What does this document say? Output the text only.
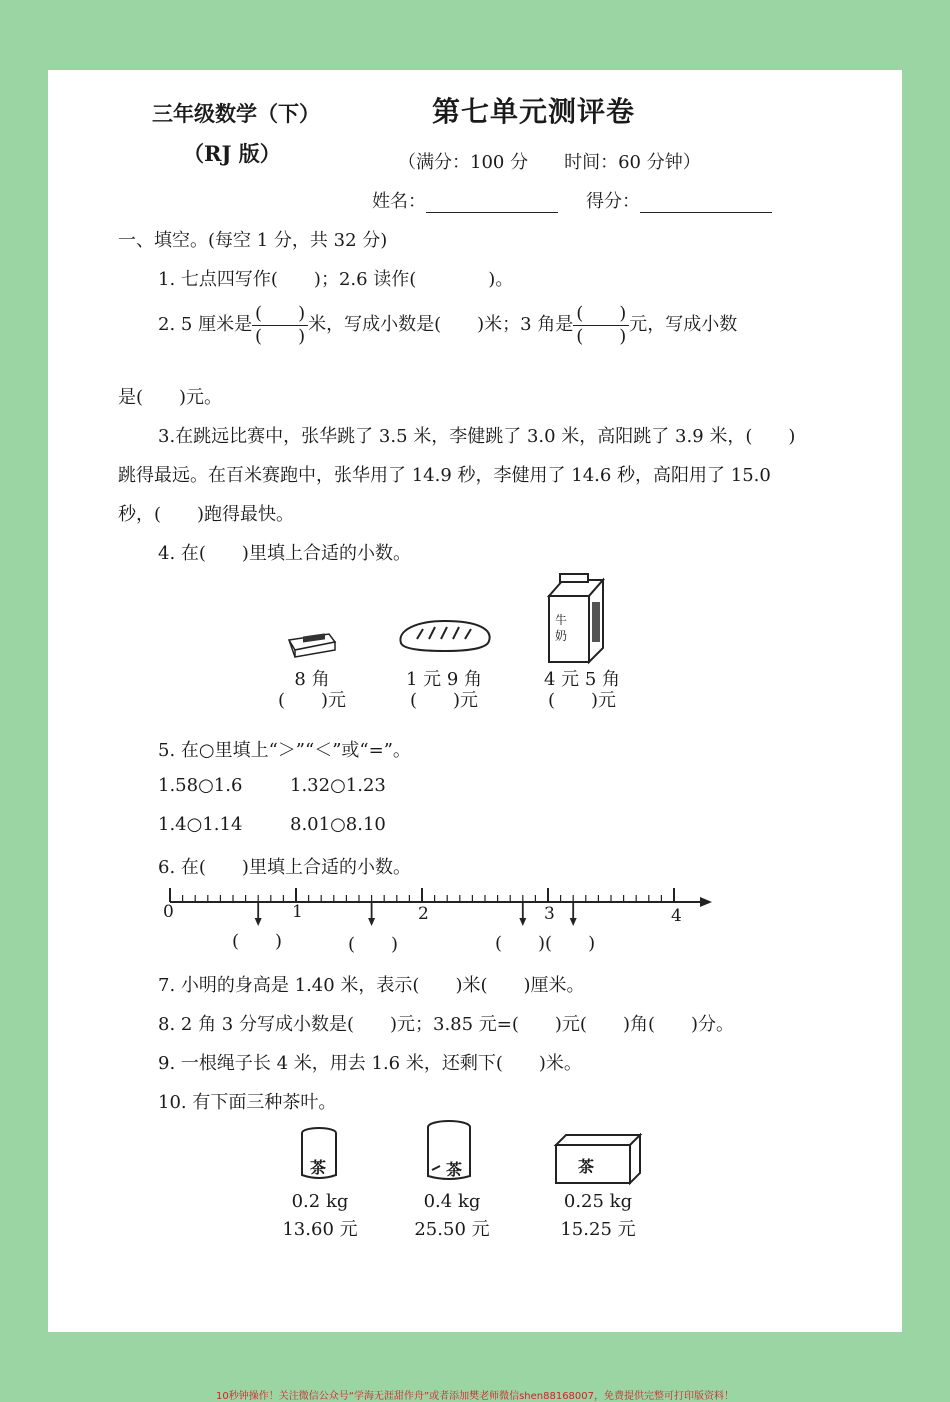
三年级数学（下）
（RJ 版）
第七单元测评卷
（满分：100 分　　时间：60 分钟）
姓名：	得分：
一、填空。(每空 1 分，共 32 分)
1. 七点四写作(　　)；2.6 读作(　　　　)。
2. 5 厘米是 $\frac{( )}{( )}$米，写成小数是(　　)米；3 角是 $\frac{( )}{( )}$元，写成小数
是(　　)元。
3.在跳远比赛中，张华跳了 3.5 米，李健跳了 3.0 米，高阳跳了 3.9 米，(　　)
跳得最远。在百米赛跑中，张华用了 14.9 秒，李健用了 14.6 秒，高阳用了 15.0
秒，(　　)跑得最快。
4. 在(　　)里填上合适的小数。
牛奶
8 角
(　　)元
1 元 9 角
(　　)元
4 元 5 角
(　　)元
5. 在○里填上“＞”“＜”或“=”。
1.58○1.6	1.32○1.23
1.4○1.14	8.01○8.10
6. 在(　　)里填上合适的小数。
0	1	2	3	4
(　　)	(　　)	(　　)(　　)
7. 小明的身高是 1.40 米，表示(　　)米(　　)厘米。
8. 2 角 3 分写成小数是(　　)元；3.85 元=(　　)元(　　)角(　　)分。
9. 一根绳子长 4 米，用去 1.6 米，还剩下(　　)米。
10. 有下面三种茶叶。
茶	茶	茶
0.2 kg
13.60 元
0.4 kg
25.50 元
0.25 kg
15.25 元
10秒钟操作！关注微信公众号“学海无涯甜作舟”或者添加樊老师微信shen88168007，免费提供完整可打印版资料！
